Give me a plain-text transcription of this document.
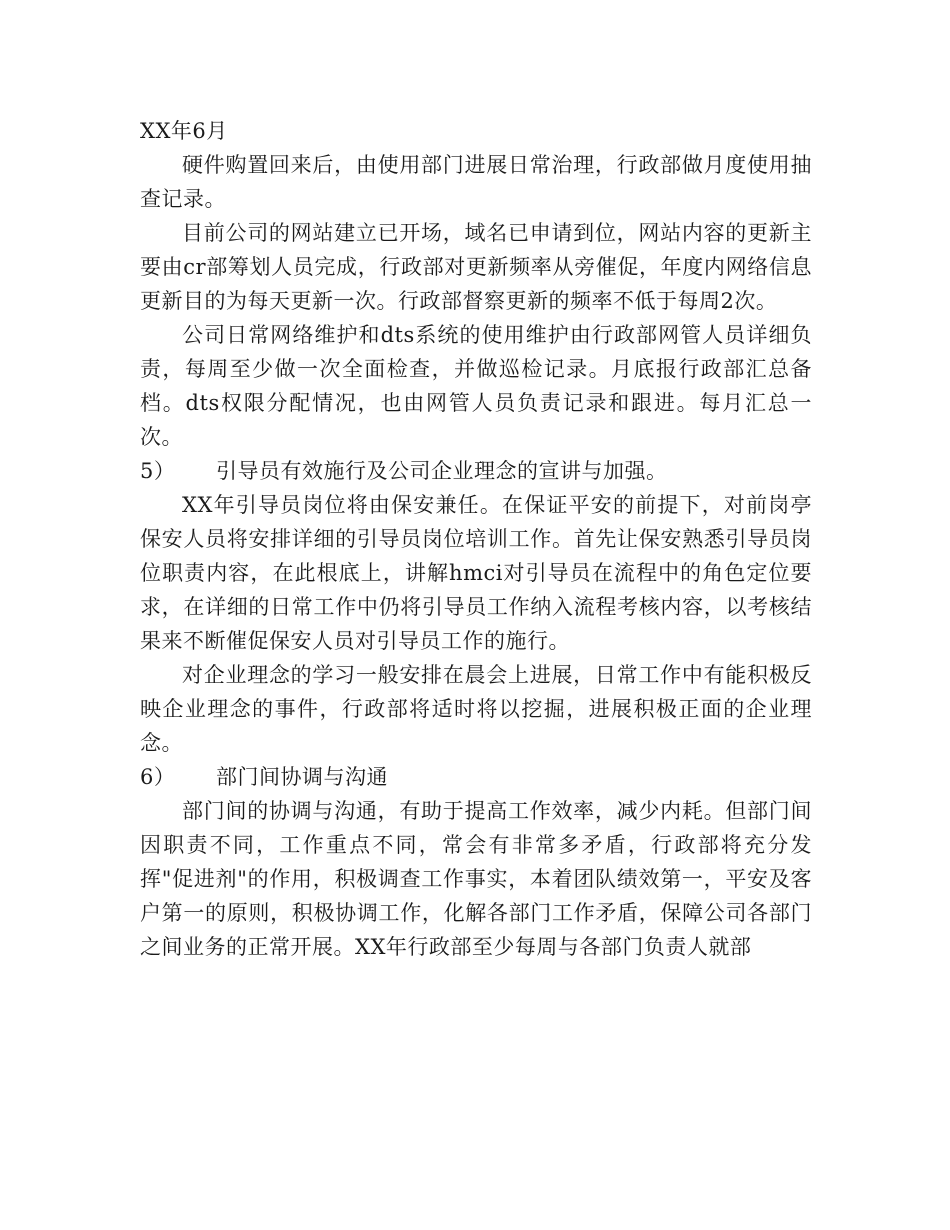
XX年6月

硬件购置回来后，由使用部门进展日常治理，行政部做月度使用抽查记录。

目前公司的网站建立已开场，域名已申请到位，网站内容的更新主要由cr部筹划人员完成，行政部对更新频率从旁催促，年度内网络信息更新目的为每天更新一次。行政部督察更新的频率不低于每周2次。

公司日常网络维护和dts系统的使用维护由行政部网管人员详细负责，每周至少做一次全面检查，并做巡检记录。月底报行政部汇总备档。dts权限分配情况，也由网管人员负责记录和跟进。每月汇总一次。

5）	引导员有效施行及公司企业理念的宣讲与加强。

XX年引导员岗位将由保安兼任。在保证平安的前提下，对前岗亭保安人员将安排详细的引导员岗位培训工作。首先让保安熟悉引导员岗位职责内容，在此根底上，讲解hmci对引导员在流程中的角色定位要求，在详细的日常工作中仍将引导员工作纳入流程考核内容，以考核结果来不断催促保安人员对引导员工作的施行。

对企业理念的学习一般安排在晨会上进展，日常工作中有能积极反映企业理念的事件，行政部将适时将以挖掘，进展积极正面的企业理念。

6）	部门间协调与沟通

部门间的协调与沟通，有助于提高工作效率，减少内耗。但部门间因职责不同，工作重点不同，常会有非常多矛盾，行政部将充分发挥"促进剂"的作用，积极调查工作事实，本着团队绩效第一，平安及客户第一的原则，积极协调工作，化解各部门工作矛盾，保障公司各部门之间业务的正常开展。XX年行政部至少每周与各部门负责人就部
